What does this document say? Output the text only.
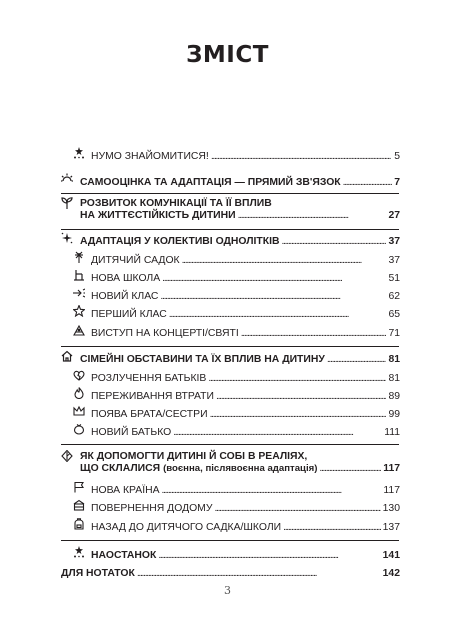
ЗМІСТ
НУМО ЗНАЙОМИТИСЯ! . . .	5
САМООЦІНКА ТА АДАПТАЦІЯ — ПРЯМИЙ ЗВ'ЯЗОК . . .	7
РОЗВИТОК КОМУНІКАЦІЇ ТА ЇЇ ВПЛИВ
НА ЖИТТЄСТІЙКІСТЬ ДИТИНИ . . .	27
АДАПТАЦІЯ У КОЛЕКТИВІ ОДНОЛІТКІВ . . .	37
ДИТЯЧИЙ САДОК . . .	37
НОВА ШКОЛА . . .	51
НОВИЙ КЛАС . . .	62
ПЕРШИЙ КЛАС . . .	65
ВИСТУП НА КОНЦЕРТІ/СВЯТІ . . .	71
СІМЕЙНІ ОБСТАВИНИ ТА ЇХ ВПЛИВ НА ДИТИНУ . . .	81
РОЗЛУЧЕННЯ БАТЬКІВ . . .	81
ПЕРЕЖИВАННЯ ВТРАТИ . . .	89
ПОЯВА БРАТА/СЕСТРИ . . .	99
НОВИЙ БАТЬКО . . .	111
ЯК ДОПОМОГТИ ДИТИНІ Й СОБІ В РЕАЛІЯХ,
ЩО СКЛАЛИСЯ (воєнна, післявоєнна адаптація) . . .	117
НОВА КРАЇНА . . .	117
ПОВЕРНЕННЯ ДОДОМУ . . .	130
НАЗАД ДО ДИТЯЧОГО САДКА/ШКОЛИ . . .	137
НАОСТАНОК . . .	141
ДЛЯ НОТАТОК . . .	142
3
